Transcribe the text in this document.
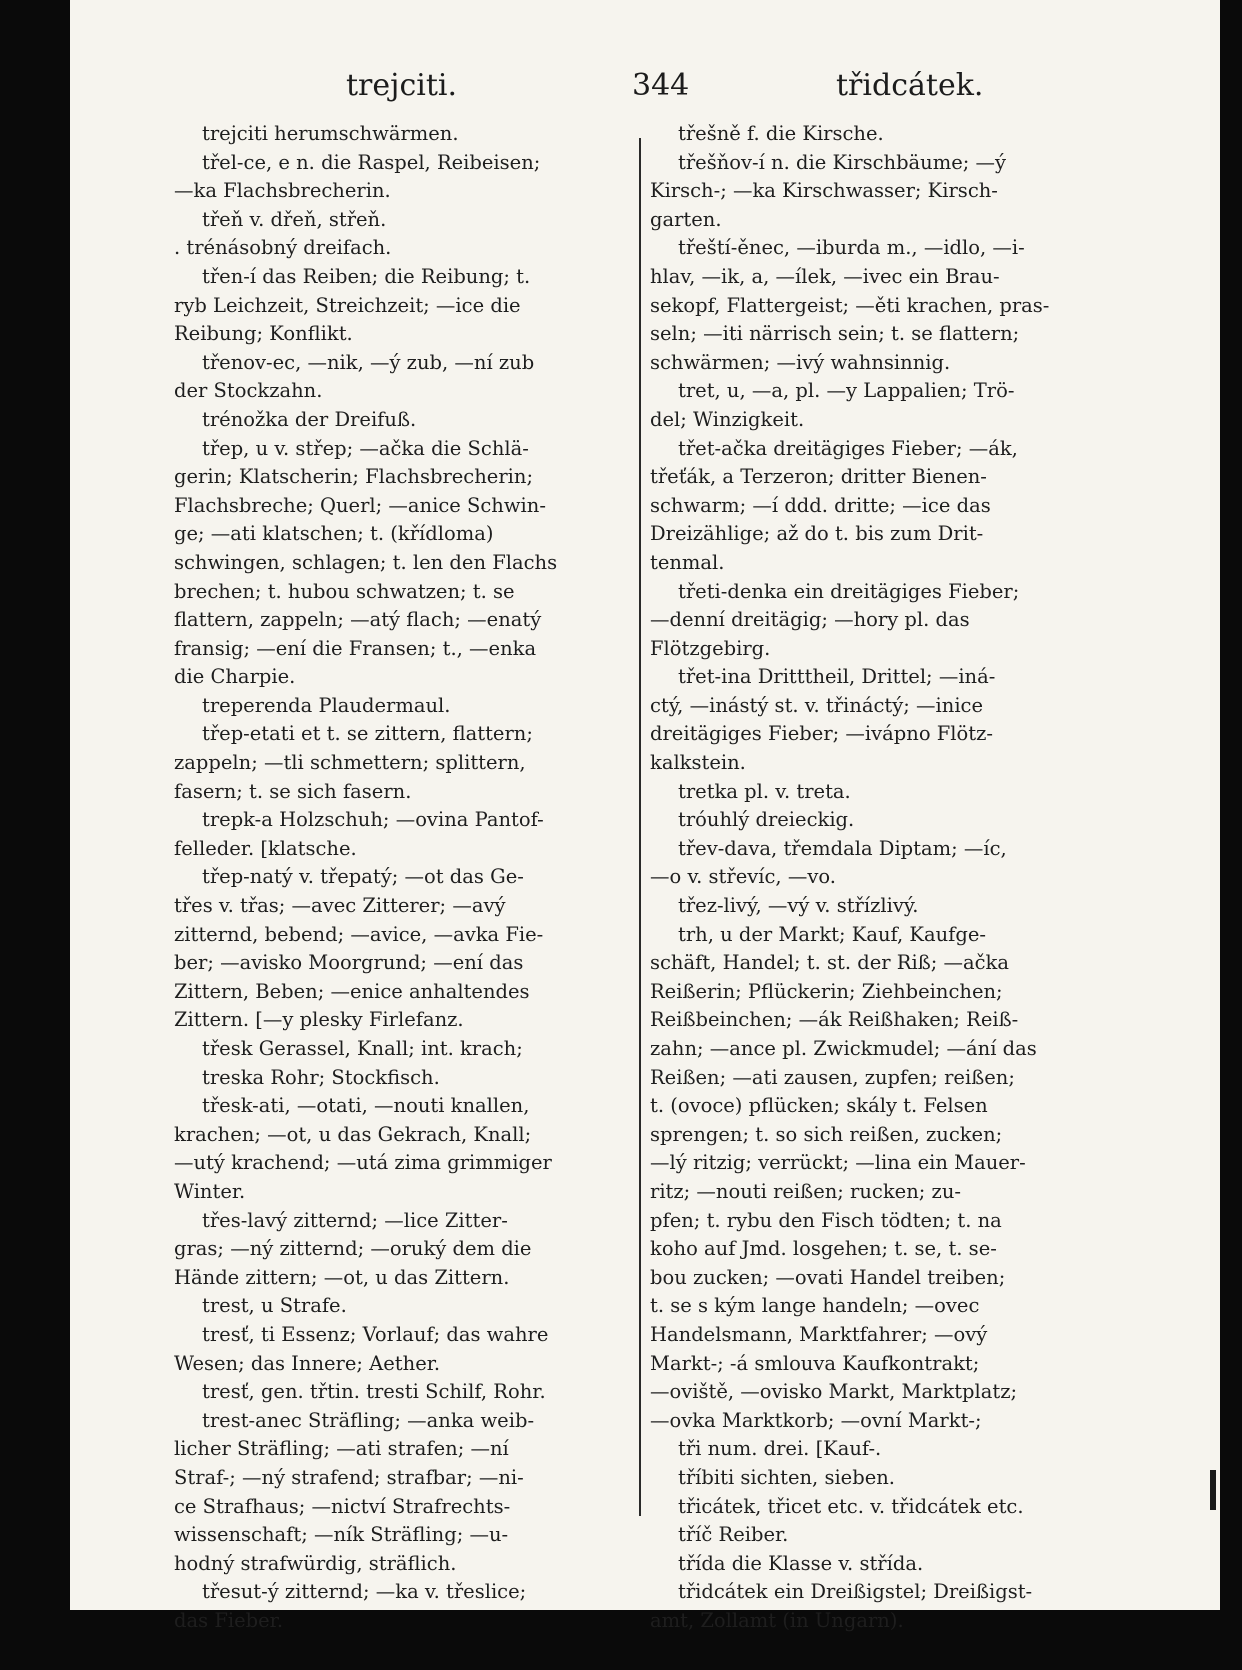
trejciti.	344	třidcátek.
trejciti herumschwärmen.
třel-ce, e n. die Raspel, Reibeisen;
—ka Flachsbrecherin.
třeň v. dřeň, střeň.
. trénásobný dreifach.
třen-í das Reiben; die Reibung; t.
ryb Leichzeit, Streichzeit; —ice die
Reibung; Konflikt.
třenov-ec, —nik, —ý zub, —ní zub
der Stockzahn.
trénožka der Dreifuß.
třep, u v. střep; —ačka die Schlä-
gerin; Klatscherin; Flachsbrecherin;
Flachsbreche; Querl; —anice Schwin-
ge; —ati klatschen; t. (křídloma)
schwingen, schlagen; t. len den Flachs
brechen; t. hubou schwatzen; t. se
flattern, zappeln; —atý flach; —enatý
fransig; —ení die Fransen; t., —enka
die Charpie.
treperenda Plaudermaul.
třep-etati et t. se zittern, flattern;
zappeln; —tli schmettern; splittern,
fasern; t. se sich fasern.
trepk-a Holzschuh; —ovina Pantof-
felleder. [klatsche.
třep-natý v. třepatý; —ot das Ge-
třes v. třas; —avec Zitterer; —avý
zitternd, bebend; —avice, —avka Fie-
ber; —avisko Moorgrund; —ení das
Zittern, Beben; —enice anhaltendes
Zittern. [—y plesky Firlefanz.
třesk Gerassel, Knall; int. krach;
treska Rohr; Stockfisch.
třesk-ati, —otati, —nouti knallen,
krachen; —ot, u das Gekrach, Knall;
—utý krachend; —utá zima grimmiger
Winter.
třes-lavý zitternd; —lice Zitter-
gras; —ný zitternd; —oruký dem die
Hände zittern; —ot, u das Zittern.
trest, u Strafe.
tresť, ti Essenz; Vorlauf; das wahre
Wesen; das Innere; Aether.
tresť, gen. třtin. tresti Schilf, Rohr.
trest-anec Sträfling; —anka weib-
licher Sträfling; —ati strafen; —ní
Straf-; —ný strafend; strafbar; —ni-
ce Strafhaus; —nictví Strafrechts-
wissenschaft; —ník Sträfling; —u-
hodný strafwürdig, sträflich.
třesut-ý zitternd; —ka v. třeslice;
das Fieber.
třešně f. die Kirsche.
třešňov-í n. die Kirschbäume; —ý
Kirsch-; —ka Kirschwasser; Kirsch-
garten.
třeští-ěnec, —iburda m., —idlo, —i-
hlav, —ik, a, —ílek, —ivec ein Brau-
sekopf, Flattergeist; —ěti krachen, pras-
seln; —iti närrisch sein; t. se flattern;
schwärmen; —ivý wahnsinnig.
tret, u, —a, pl. —y Lappalien; Trö-
del; Winzigkeit.
třet-ačka dreitägiges Fieber; —ák,
třeťák, a Terzeron; dritter Bienen-
schwarm; —í ddd. dritte; —ice das
Dreizählige; až do t. bis zum Drit-
tenmal.
třeti-denka ein dreitägiges Fieber;
—denní dreitägig; —hory pl. das
Flötzgebirg.
třet-ina Dritttheil, Drittel; —iná-
ctý, —inástý st. v. třináctý; —inice
dreitägiges Fieber; —ivápno Flötz-
kalkstein.
tretka pl. v. treta.
tróuhlý dreieckig.
třev-dava, třemdala Diptam; —íc,
—o v. střevíc, —vo.
třez-livý, —vý v. střízlivý.
trh, u der Markt; Kauf, Kaufge-
schäft, Handel; t. st. der Riß; —ačka
Reißerin; Pflückerin; Ziehbeinchen;
Reißbeinchen; —ák Reißhaken; Reiß-
zahn; —ance pl. Zwickmudel; —ání das
Reißen; —ati zausen, zupfen; reißen;
t. (ovoce) pflücken; skály t. Felsen
sprengen; t. so sich reißen, zucken;
—lý ritzig; verrückt; —lina ein Mauer-
ritz; —nouti reißen; rucken; zu-
pfen; t. rybu den Fisch tödten; t. na
koho auf Jmd. losgehen; t. se, t. se-
bou zucken; —ovati Handel treiben;
t. se s kým lange handeln; —ovec
Handelsmann, Marktfahrer; —ový
Markt-; -á smlouva Kaufkontrakt;
—oviště, —ovisko Markt, Marktplatz;
—ovka Marktkorb; —ovní Markt-;
tři num. drei. [Kauf-.
tříbiti sichten, sieben.
třicátek, třicet etc. v. třidcátek etc.
tříč Reiber.
třída die Klasse v. střída.
třidcátek ein Dreißigstel; Dreißigst-
amt, Zollamt (in Ungarn).
